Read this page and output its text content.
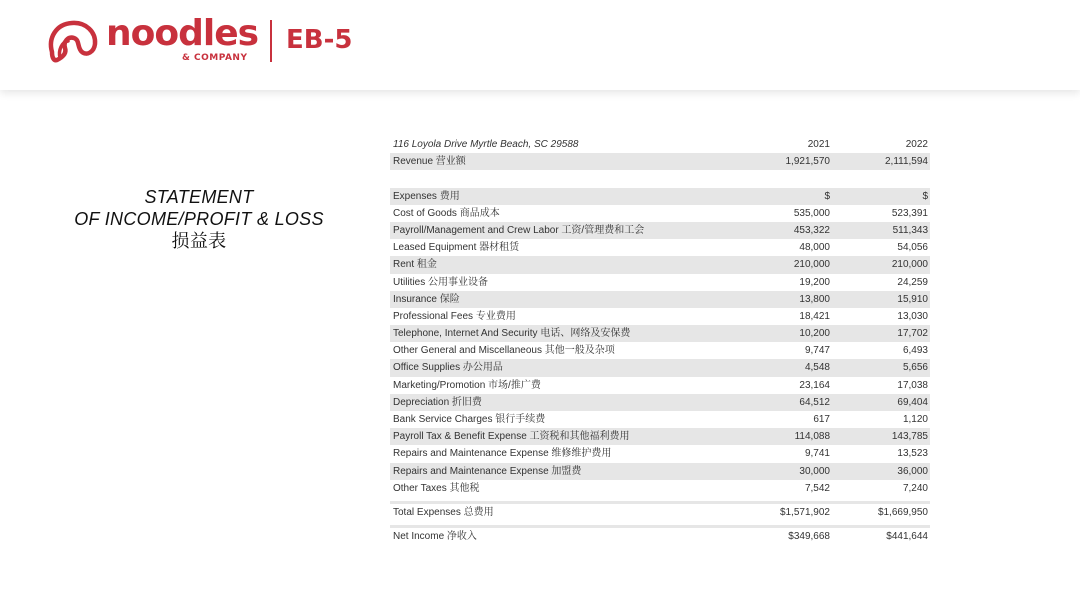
noodles
& COMPANY
EB-5
STATEMENT
OF INCOME/PROFIT & LOSS
损益表
116 Loyola Drive Myrtle Beach, SC 29588	2021	2022
Revenue 营业额	1,921,570	2,111,594
Expenses 费用	$	$
Cost of Goods 商品成本	535,000	523,391
Payroll/Management and Crew Labor 工资/管理费和工会	453,322	511,343
Leased Equipment 器材租赁	48,000	54,056
Rent 租金	210,000	210,000
Utilities 公用事业设备	19,200	24,259
Insurance 保险	13,800	15,910
Professional Fees 专业费用	18,421	13,030
Telephone, Internet And Security 电话、网络及安保费	10,200	17,702
Other General and Miscellaneous 其他一般及杂项	9,747	6,493
Office Supplies 办公用品	4,548	5,656
Marketing/Promotion 市场/推广费	23,164	17,038
Depreciation 折旧费	64,512	69,404
Bank Service Charges 银行手续费	617	1,120
Payroll Tax & Benefit Expense 工资税和其他福利费用	114,088	143,785
Repairs and Maintenance Expense 维修维护费用	9,741	13,523
Repairs and Maintenance Expense 加盟费	30,000	36,000
Other Taxes 其他税	7,542	7,240
Total Expenses 总费用	$1,571,902	$1,669,950
Net Income 净收入	$349,668	$441,644
